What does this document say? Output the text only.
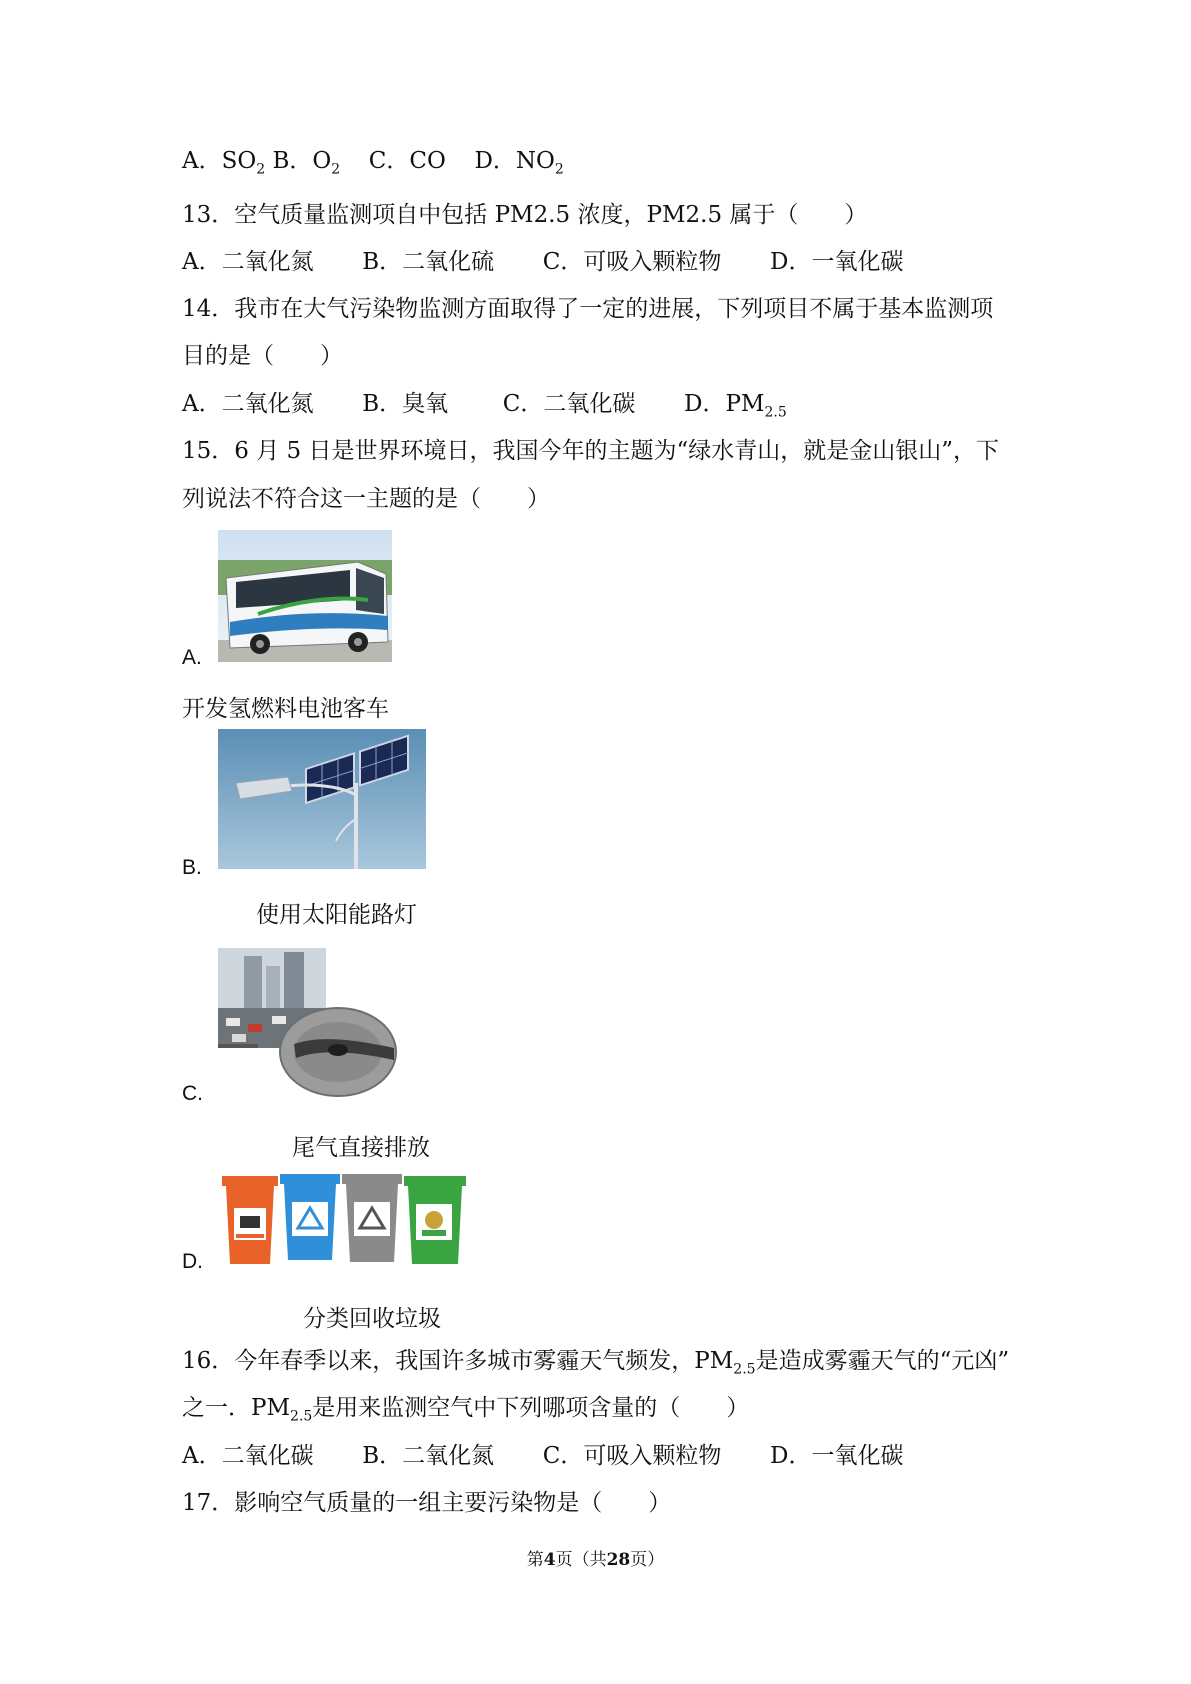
A．$SO_2$ B．$O_2$ C．CO D．$NO_2$
13．空气质量监测项自中包括 PM2.5 浓度，PM2.5 属于（　　）
A．二氧化氮 B．二氧化硫 C．可吸入颗粒物 D．一氧化碳
14．我市在大气污染物监测方面取得了一定的进展，下列项目不属于基本监测项
目的是（　　）
A．二氧化氮 B．臭氧 C．二氧化碳 D．$PM_{2.5}$
15．6 月 5 日是世界环境日，我国今年的主题为“绿水青山，就是金山银山”，下
列说法不符合这一主题的是（　　）
A.
开发氢燃料电池客车
B.
使用太阳能路灯
C.
尾气直接排放
D.
分类回收垃圾
16．今年春季以来，我国许多城市雾霾天气频发，$PM_{2.5}$是造成雾霾天气的“元凶”
之一．$PM_{2.5}$是用来监测空气中下列哪项含量的（　　）
A．二氧化碳 B．二氧化氮 C．可吸入颗粒物 D．一氧化碳
17．影响空气质量的一组主要污染物是（　　）
第4页（共28页）
